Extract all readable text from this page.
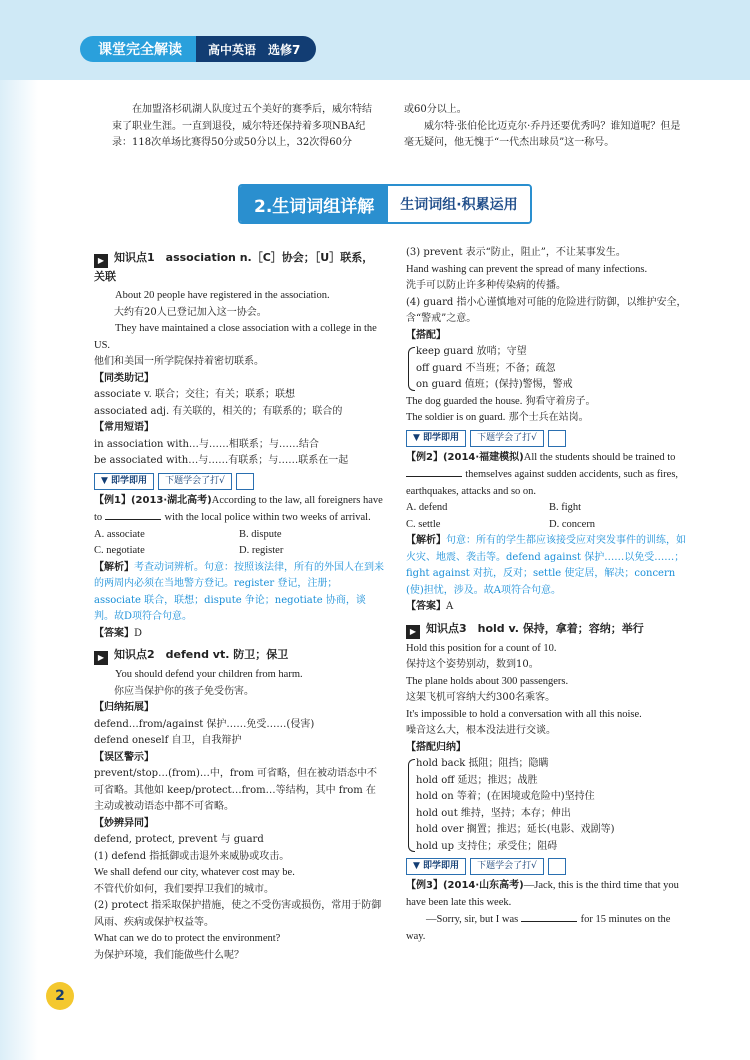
课堂完全解读	高中英语　选修7

在加盟洛杉矶湖人队度过五个美好的赛季后，威尔特结束了职业生涯。一直到退役，威尔特还保持着多项NBA纪录：118次单场比赛得50分或50分以上，32次得60分

或60分以上。

威尔特·张伯伦比迈克尔·乔丹还要优秀吗？谁知道呢？但是毫无疑问，他无愧于“一代杰出球员”这一称号。

2.生词词组详解	生词词组·积累运用
▶ 知识点1　association n.［C］协会；［U］联系，关联

About 20 people have registered in the association.

大约有20人已登记加入这一协会。

They have maintained a close association with a college in the US.

他们和美国一所学院保持着密切联系。

【同类助记】

associate v. 联合；交往；有关；联系；联想

associated adj. 有关联的，相关的；有联系的；联合的

【常用短语】

in association with…与……相联系；与……结合

be associated with…与……有联系；与……联系在一起

▼ 即学即用	下题学会了打√

【例1】(2013·湖北高考)According to the law, all foreigners have to	with the local police within two weeks of arrival.

A. associate	B. dispute
C. negotiate	D. register

【解析】考查动词辨析。句意：按照该法律，所有的外国人在到来的两周内必须在当地警方登记。register 登记，注册；associate 联合，联想；dispute 争论；negotiate 协商，谈判。故D项符合句意。

【答案】D

▶ 知识点2　defend vt. 防卫；保卫

You should defend your children from harm.

你应当保护你的孩子免受伤害。

【归纳拓展】

defend…from/against 保护……免受……(侵害)

defend oneself 自卫，自我辩护

【误区警示】

prevent/stop…(from)…中，from 可省略，但在被动语态中不可省略。其他如 keep/protect…from…等结构，其中 from 在主动或被动语态中都不可省略。

【妙辨异同】

defend, protect, prevent 与 guard

(1) defend 指抵御或击退外来威胁或攻击。

We shall defend our city, whatever cost may be.

不管代价如何，我们要捍卫我们的城市。

(2) protect 指采取保护措施，使之不受伤害或损伤，常用于防御风雨、疾病或保护权益等。

What can we do to protect the environment?

为保护环境，我们能做些什么呢？

(3) prevent 表示“防止，阻止”，不让某事发生。

Hand washing can prevent the spread of many infections.

洗手可以防止许多种传染病的传播。

(4) guard 指小心谨慎地对可能的危险进行防御，以维护安全，含“警戒”之意。

【搭配】

keep guard 放哨；守望

off guard 不当班；不备；疏忽

on guard 值班；(保持)警惕，警戒

The dog guarded the house. 狗看守着房子。

The soldier is on guard. 那个士兵在站岗。

▼ 即学即用	下题学会了打√

【例2】(2014·福建模拟)All the students should be trained to  themselves against sudden accidents, such as fires, earthquakes, attacks and so on.

A. defend	B. fight
C. settle	D. concern

【解析】句意：所有的学生都应该接受应对突发事件的训练，如火灾、地震、袭击等。defend against 保护……以免受……；fight against 对抗，反对；settle 使定居，解决；concern (使)担忧，涉及。故A项符合句意。

【答案】A

▶ 知识点3　hold v. 保持，拿着；容纳；举行

Hold this position for a count of 10.

保持这个姿势别动，数到10。

The plane holds about 300 passengers.

这架飞机可容纳大约300名乘客。

It's impossible to hold a conversation with all this noise.

噪音这么大，根本没法进行交谈。

【搭配归纳】

hold back 抵阻；阻挡；隐瞒

hold off 延迟；推迟；战胜

hold on 等着；(在困境或危险中)坚持住

hold out 维持，坚持；本存；伸出

hold over 搁置；推迟；延长(电影、戏剧等)

hold up 支持住；承受住；阻碍

▼ 即学即用	下题学会了打√

【例3】(2014·山东高考)—Jack, this is the third time that you have been late this week.

—Sorry, sir, but I was	for 15 minutes on the way.

2
